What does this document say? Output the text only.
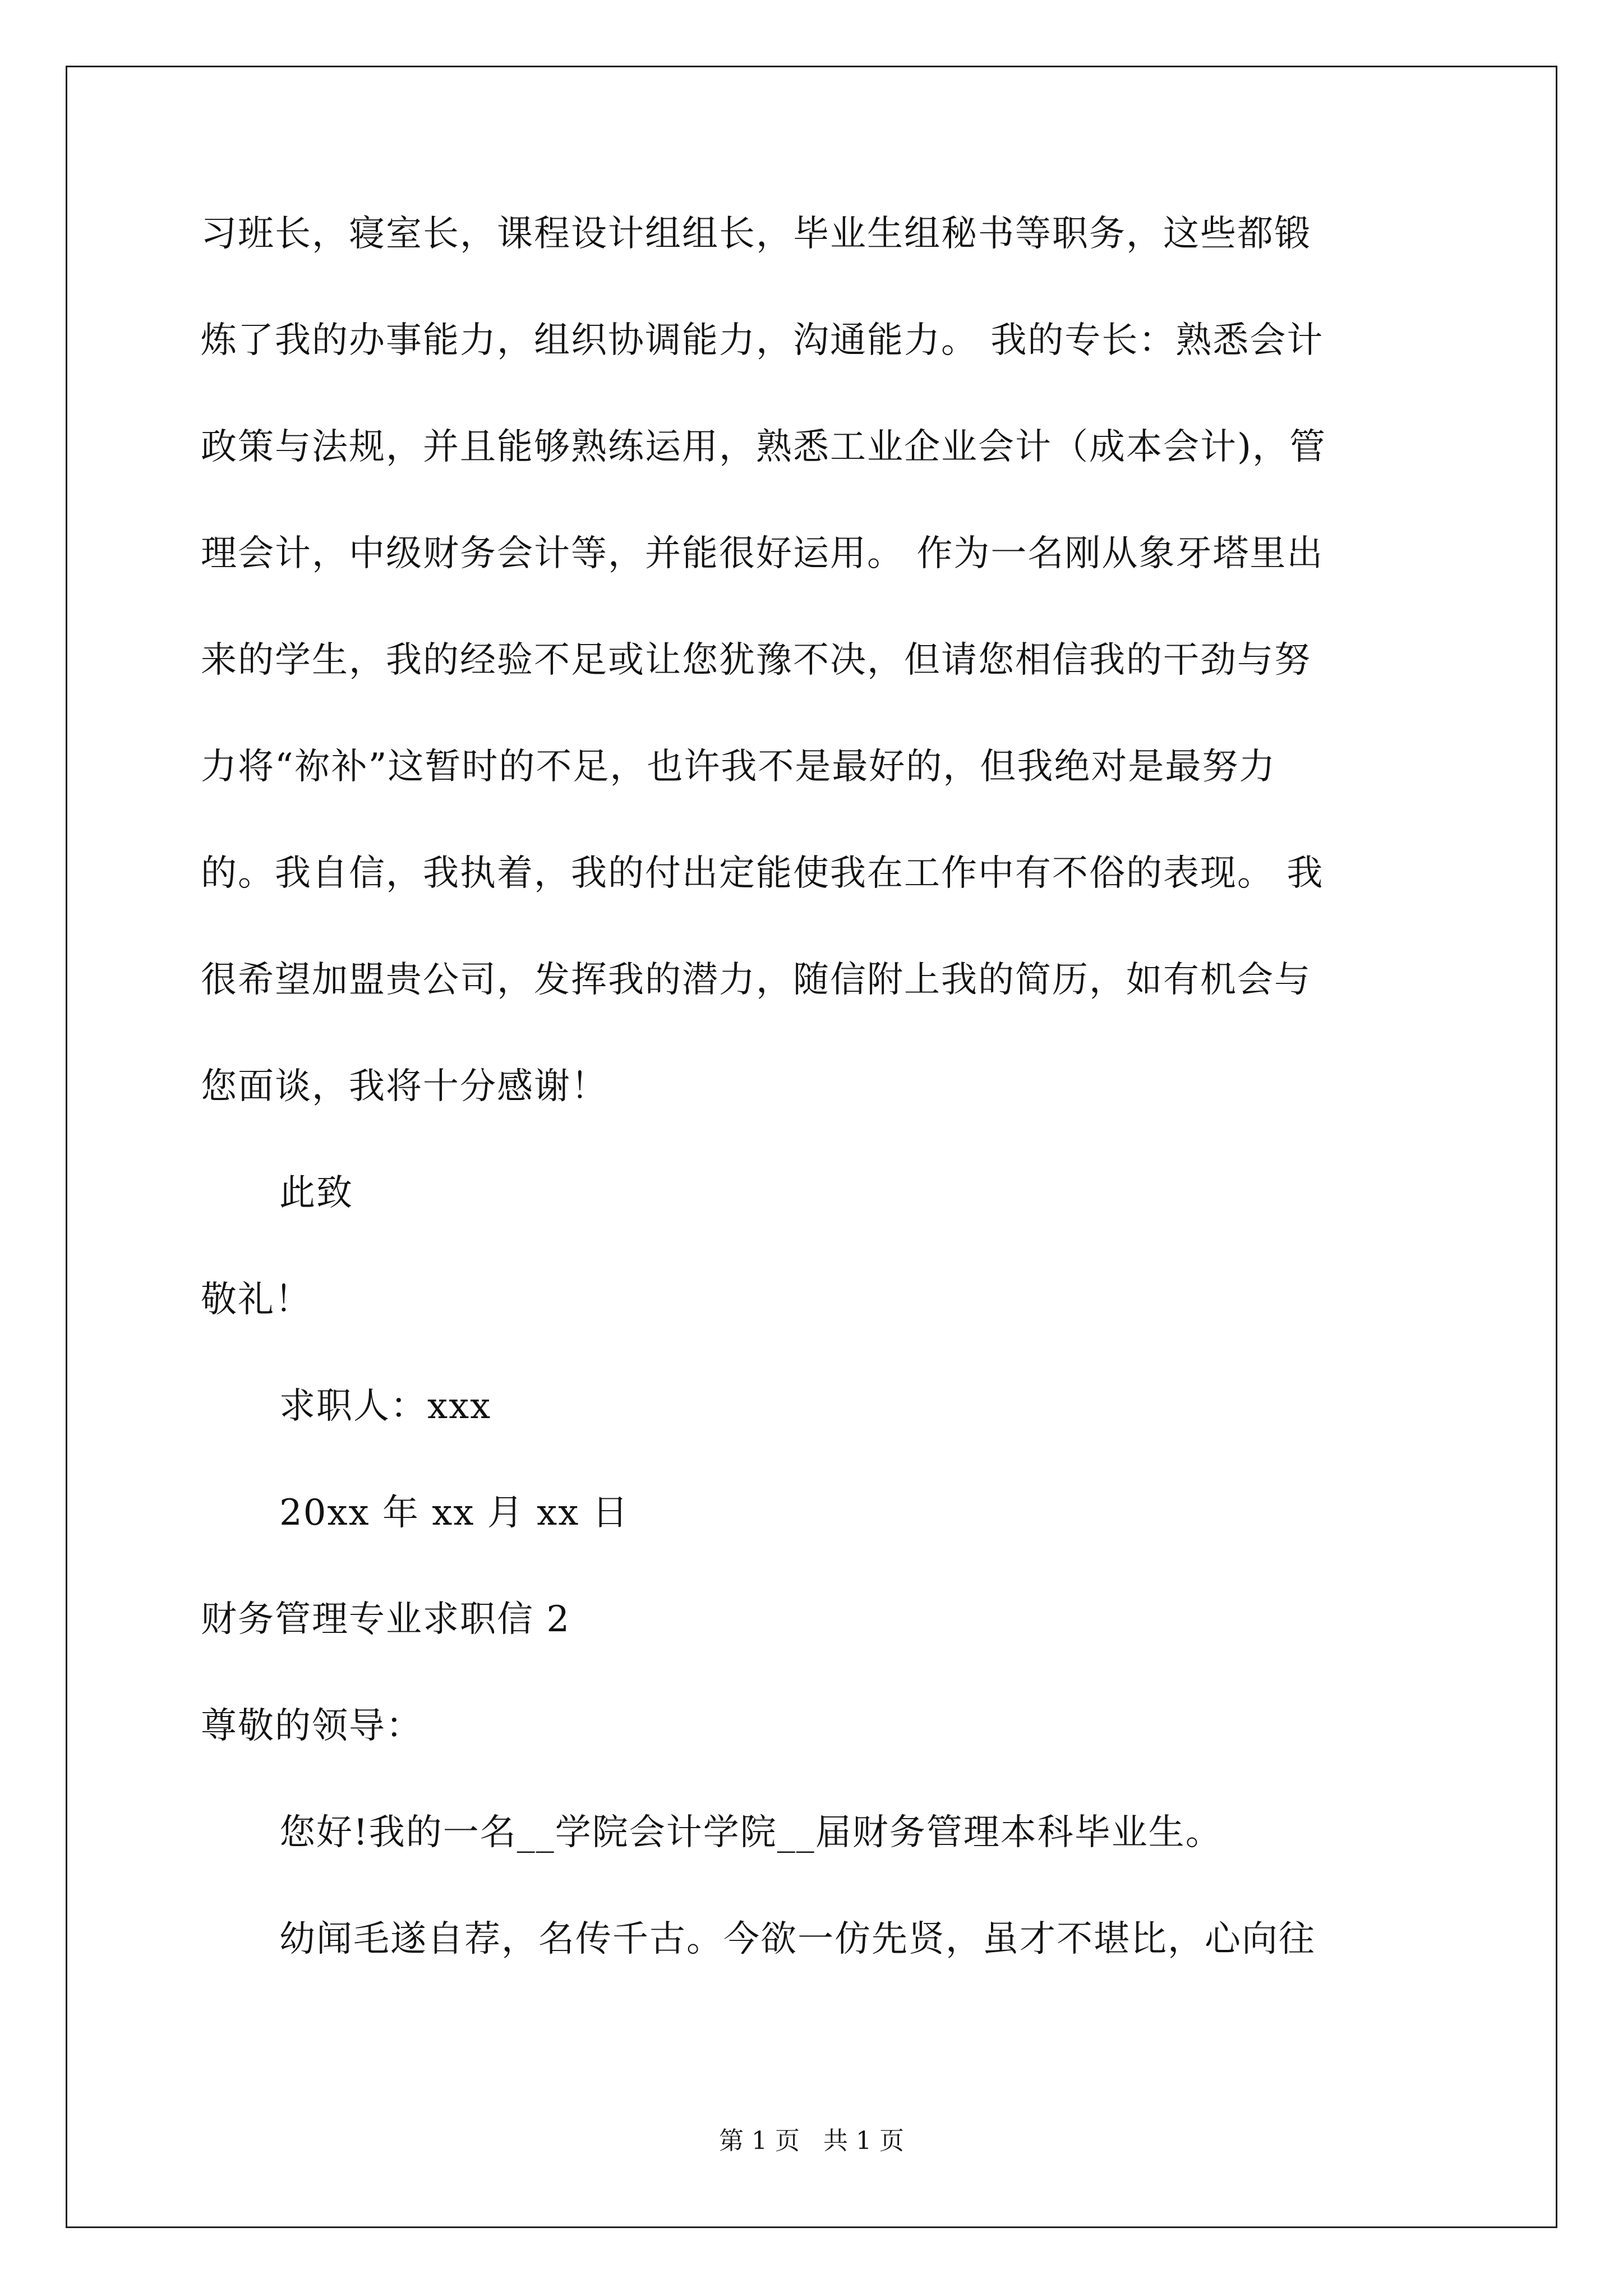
习班长，寝室长，课程设计组组长，毕业生组秘书等职务，这些都锻
炼了我的办事能力，组织协调能力，沟通能力。 我的专长：熟悉会计
政策与法规，并且能够熟练运用，熟悉工业企业会计（成本会计)，管
理会计，中级财务会计等，并能很好运用。 作为一名刚从象牙塔里出
来的学生，我的经验不足或让您犹豫不决，但请您相信我的干劲与努
力将“祢补”这暂时的不足，也许我不是最好的，但我绝对是最努力
的。我自信，我执着，我的付出定能使我在工作中有不俗的表现。 我
很希望加盟贵公司，发挥我的潜力，随信附上我的简历，如有机会与
您面谈，我将十分感谢！
此致
敬礼！
求职人：xxx
20xx 年 xx 月 xx 日
财务管理专业求职信 2
尊敬的领导：
您好!我的一名__学院会计学院__届财务管理本科毕业生。
幼闻毛遂自荐，名传千古。今欲一仿先贤，虽才不堪比，心向往
第 1 页   共 1 页
